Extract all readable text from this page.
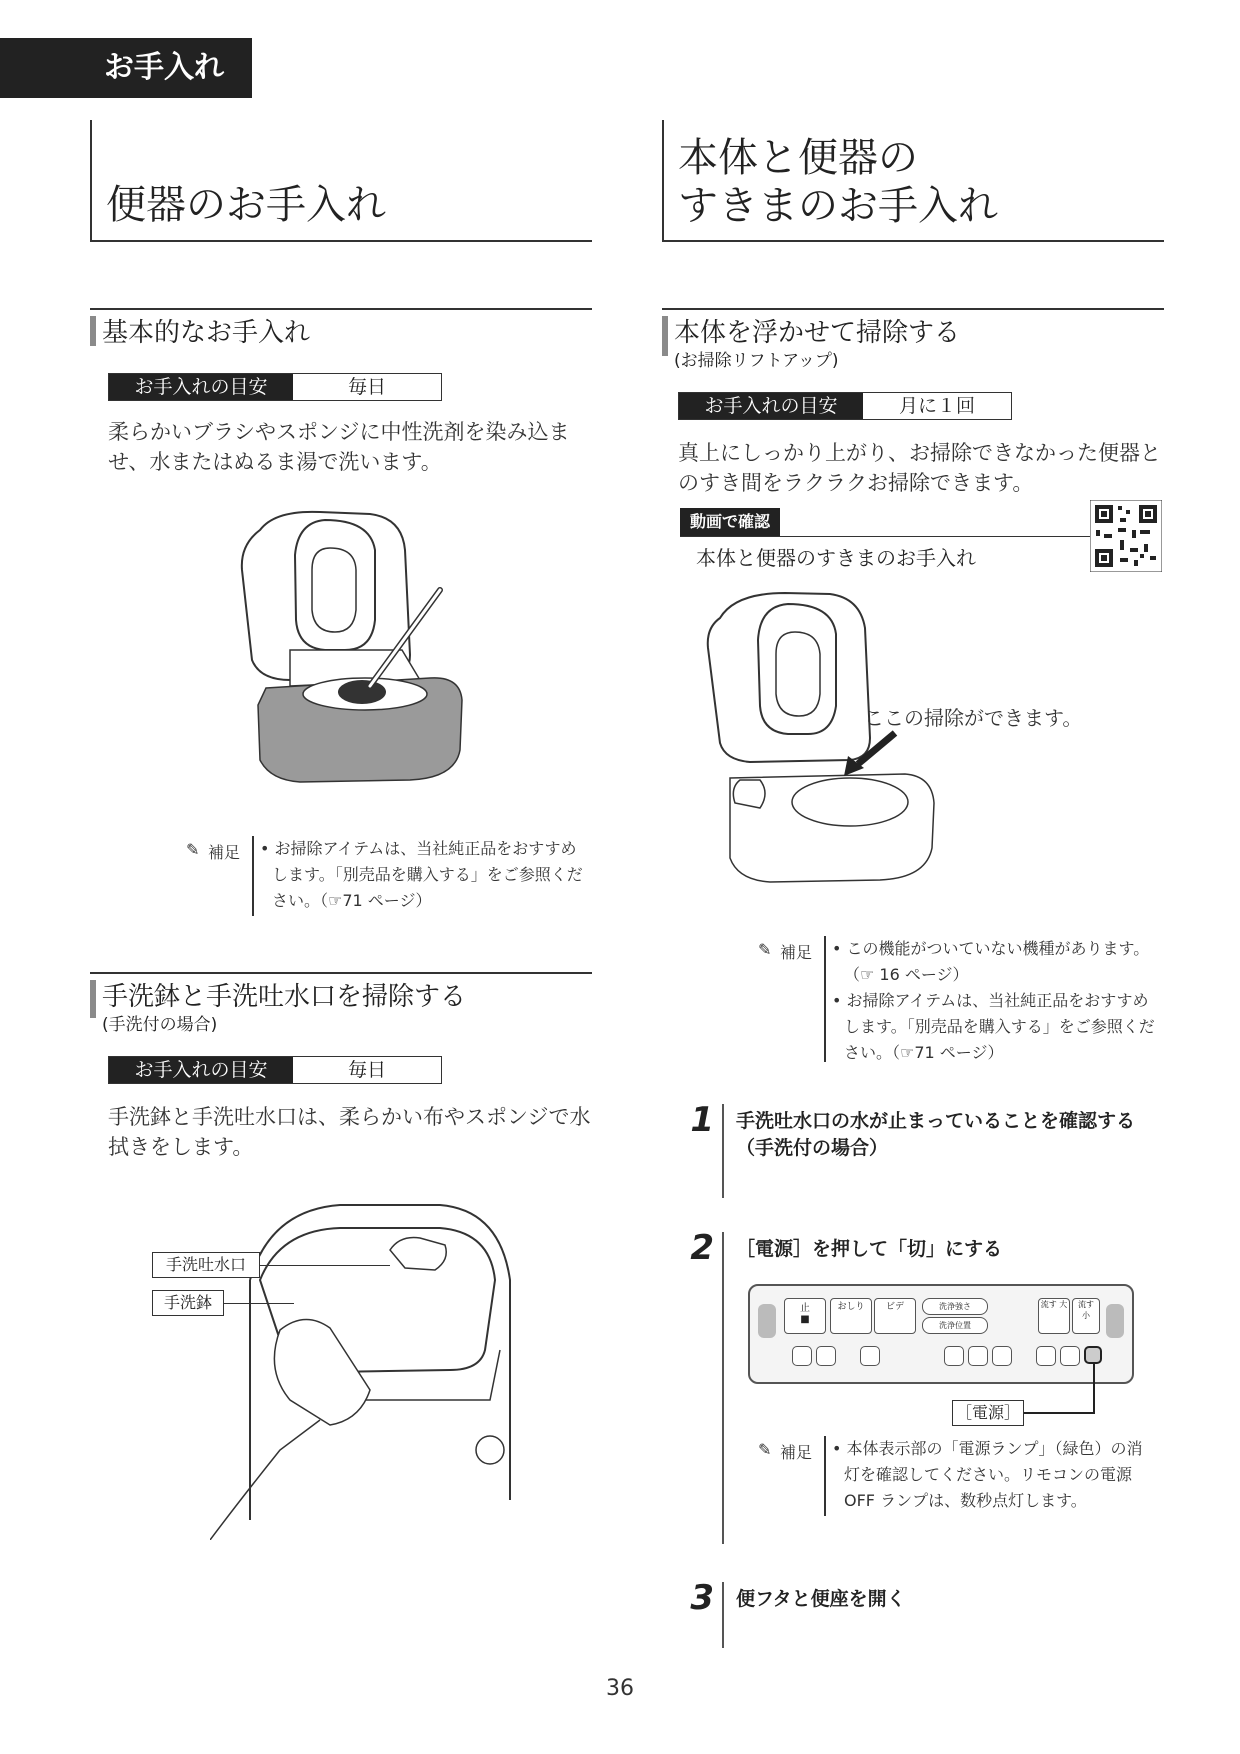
お手入れ
便器のお手入れ
本体と便器の
すきまのお手入れ
基本的なお手入れ
お手入れの目安	毎日
柔らかいブラシやスポンジに中性洗剤を染み込ませ、水またはぬるま湯で洗います。
✎ 補足 • お掃除アイテムは、当社純正品をおすすめします。「別売品を購入する」をご参照ください。（☞71 ページ）

手洗鉢と手洗吐水口を掃除する
(手洗付の場合)
お手入れの目安	毎日
手洗鉢と手洗吐水口は、柔らかい布やスポンジで水拭きをします。
手洗吐水口
手洗鉢
本体を浮かせて掃除する
(お掃除リフトアップ)
お手入れの目安	月に１回
真上にしっかり上がり、お掃除できなかった便器とのすき間をラクラクお掃除できます。
動画で確認
本体と便器のすきまのお手入れ
ここの掃除ができます。
✎ 補足 • この機能がついていない機種があります。（☞ 16 ページ）

• お掃除アイテムは、当社純正品をおすすめします。「別売品を購入する」をご参照ください。（☞71 ページ）

1 手洗吐水口の水が止まっていることを確認する（手洗付の場合）
2 ［電源］を押して「切」にする
止
■
おしり	ビデ	洗浄強さ
洗浄位置
流す 大	流す 小
［電源］
✎ 補足 • 本体表示部の「電源ランプ」（緑色）の消灯を確認してください。リモコンの電源 OFF ランプは、数秒点灯します。

3 便フタと便座を開く
36
